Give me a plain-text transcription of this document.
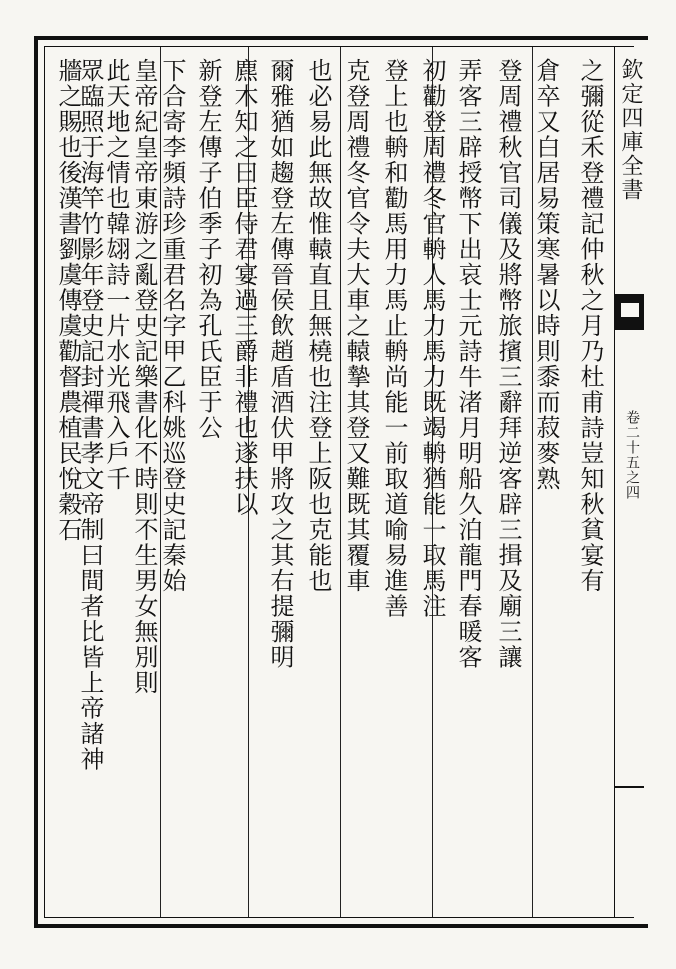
欽定四庫全書
卷二十五之四
之彌從禾登禮記仲秋之月乃杜甫詩豈知秋貧宴有
倉卒又白居易策寒暑以時則黍而菽麥熟
登周禮秋官司儀及將幣旅擯三辭拜逆客辟三揖及廟三讓
弄客三辟授幣下出哀士元詩牛渚月明船久泊龍門春暖客
初勸登周禮冬官輈人馬力馬力既竭輈猶能一取馬注
登上也輈和勸馬用力馬止輈尚能一前取道喻易進善
克登周禮冬官令夫大車之轅摯其登又難既其覆車
也必易此無故惟轅直且無橈也注登上阪也克能也
爾雅猶如趨登左傳晉侯飲趙盾酒伏甲將攻之其右提彌明
麃木知之曰臣侍君宴過三爵非禮也遂扶以
新登左傳子伯季子初為孔氏臣于公
下合寄李頻詩珍重君名字甲乙科姚巡登史記秦始
皇帝紀皇帝東游之亂登史記樂書化不時則不生男女無別則
此天地之情也韓翃詩一片水光飛入戶千
眾臨照于海竿竹影年登史記封禪書孝文帝制曰間者比皆上帝諸神
牆之賜也後漢書劉虞傳虞勸督農植民悅穀石
